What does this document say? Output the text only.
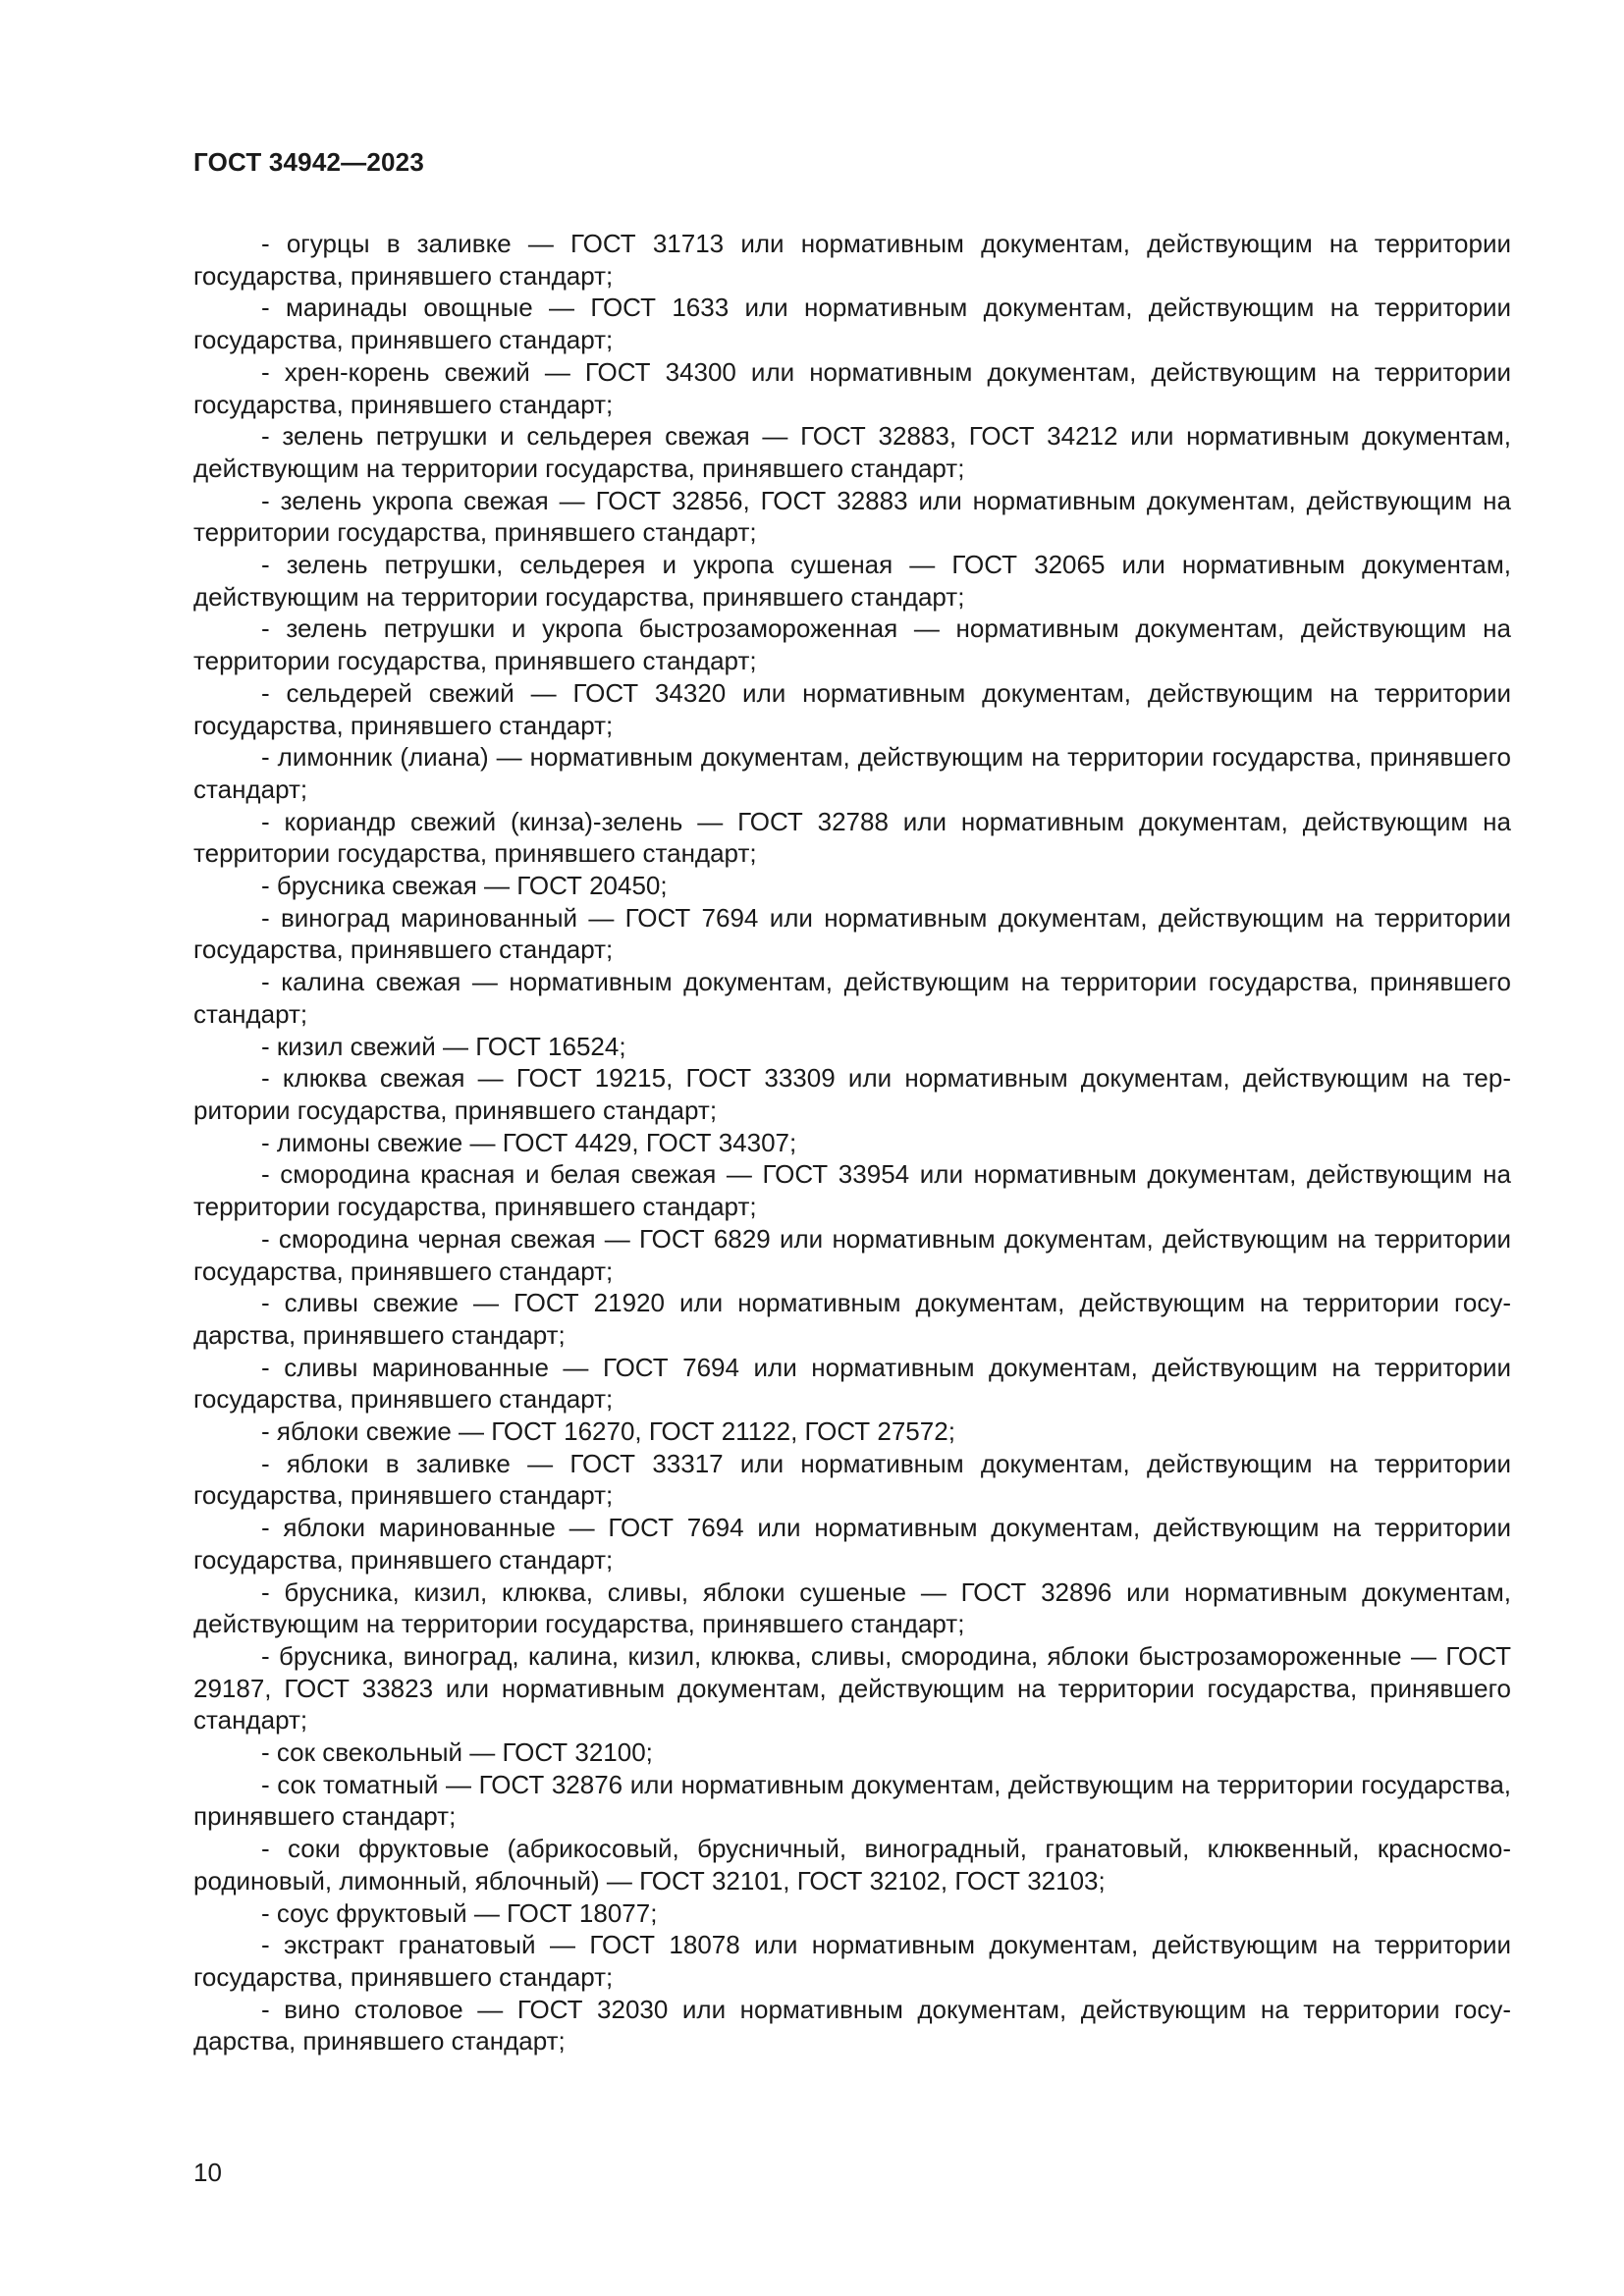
ГОСТ 34942—2023

- огурцы в заливке — ГОСТ 31713 или нормативным документам, действующим на территории государства, принявшего стандарт;

- маринады овощные — ГОСТ 1633 или нормативным документам, действующим на территории государства, принявшего стандарт;

- хрен-корень свежий — ГОСТ 34300 или нормативным документам, действующим на территории государства, принявшего стандарт;

- зелень петрушки и сельдерея свежая — ГОСТ 32883, ГОСТ 34212 или нормативным документам, действующим на территории государства, принявшего стандарт;

- зелень укропа свежая — ГОСТ 32856, ГОСТ 32883 или нормативным документам, действующим на территории государства, принявшего стандарт;

- зелень петрушки, сельдерея и укропа сушеная — ГОСТ 32065 или нормативным документам, действующим на территории государства, принявшего стандарт;

- зелень петрушки и укропа быстрозамороженная — нормативным документам, действующим на территории государства, принявшего стандарт;

- сельдерей свежий — ГОСТ 34320 или нормативным документам, действующим на территории государства, принявшего стандарт;

- лимонник (лиана) — нормативным документам, действующим на территории государства, принявшего стандарт;

- кориандр свежий (кинза)-зелень — ГОСТ 32788 или нормативным документам, действующим на территории государства, принявшего стандарт;

- брусника свежая — ГОСТ 20450;

- виноград маринованный — ГОСТ 7694 или нормативным документам, действующим на территории государства, принявшего стандарт;

- калина свежая — нормативным документам, действующим на территории государства, принявшего стандарт;

- кизил свежий — ГОСТ 16524;

- клюква свежая — ГОСТ 19215, ГОСТ 33309 или нормативным документам, действующим на территории государства, принявшего стандарт;

- лимоны свежие — ГОСТ 4429, ГОСТ 34307;

- смородина красная и белая свежая — ГОСТ 33954 или нормативным документам, действующим на территории государства, принявшего стандарт;

- смородина черная свежая — ГОСТ 6829 или нормативным документам, действующим на территории государства, принявшего стандарт;

- сливы свежие — ГОСТ 21920 или нормативным документам, действующим на территории государства, принявшего стандарт;

- сливы маринованные — ГОСТ 7694 или нормативным документам, действующим на территории государства, принявшего стандарт;

- яблоки свежие — ГОСТ 16270, ГОСТ 21122, ГОСТ 27572;

- яблоки в заливке — ГОСТ 33317 или нормативным документам, действующим на территории государства, принявшего стандарт;

- яблоки маринованные — ГОСТ 7694 или нормативным документам, действующим на территории государства, принявшего стандарт;

- брусника, кизил, клюква, сливы, яблоки сушеные — ГОСТ 32896 или нормативным документам, действующим на территории государства, принявшего стандарт;

- брусника, виноград, калина, кизил, клюква, сливы, смородина, яблоки быстрозамороженные — ГОСТ 29187, ГОСТ 33823 или нормативным документам, действующим на территории государства, принявшего стандарт;

- сок свекольный — ГОСТ 32100;

- сок томатный — ГОСТ 32876 или нормативным документам, действующим на территории государства, принявшего стандарт;

- соки фруктовые (абрикосовый, брусничный, виноградный, гранатовый, клюквенный, красносмородиновый, лимонный, яблочный) — ГОСТ 32101, ГОСТ 32102, ГОСТ 32103;

- соус фруктовый — ГОСТ 18077;

- экстракт гранатовый — ГОСТ 18078 или нормативным документам, действующим на территории государства, принявшего стандарт;

- вино столовое — ГОСТ 32030 или нормативным документам, действующим на территории государства, принявшего стандарт;

10
